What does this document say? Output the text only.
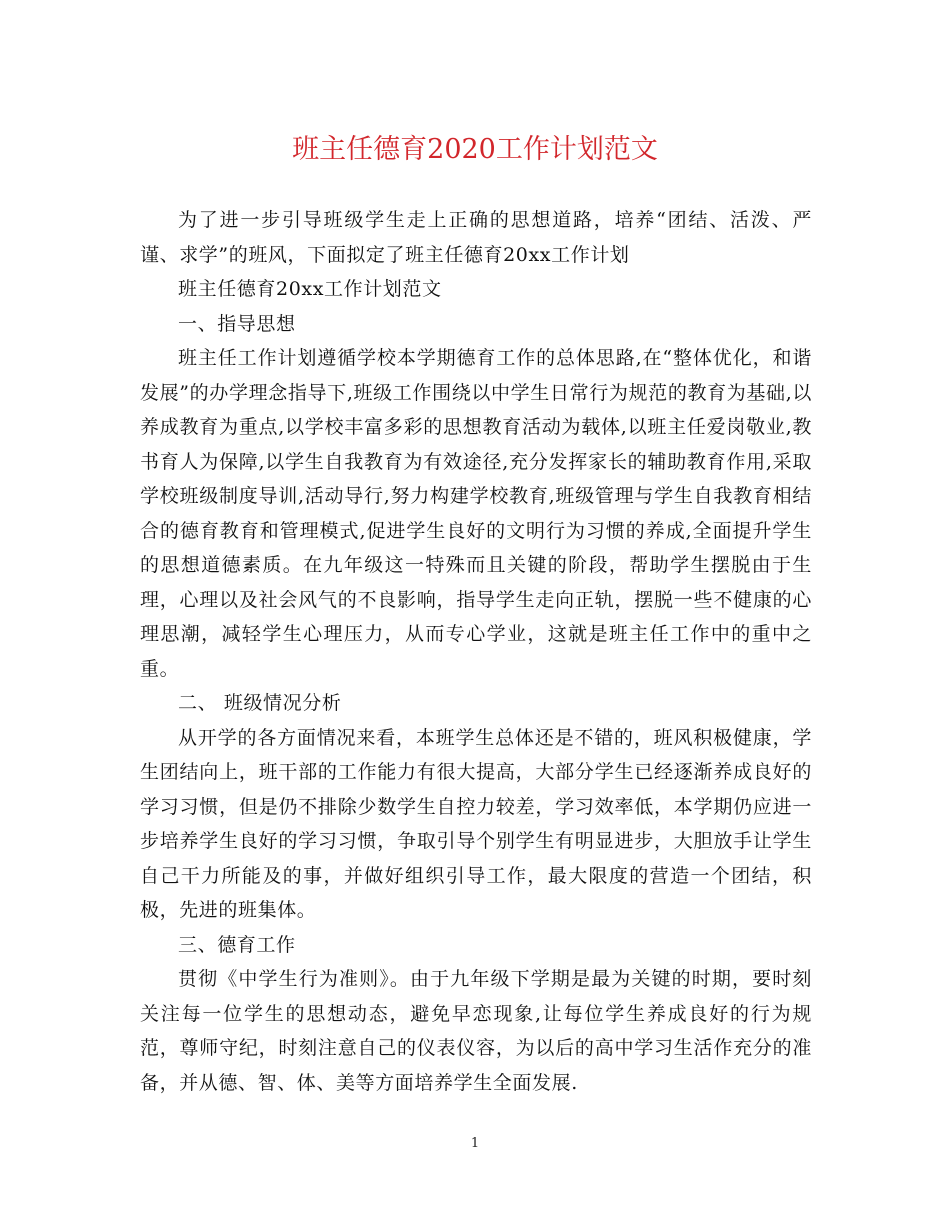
班主任德育2020工作计划范文

为了进一步引导班级学生走上正确的思想道路，培养“团结、活泼、严谨、求学”的班风，下面拟定了班主任德育20xx工作计划

班主任德育20xx工作计划范文

一、指导思想

班主任工作计划遵循学校本学期德育工作的总体思路,在“整体优化，和谐发展”的办学理念指导下,班级工作围绕以中学生日常行为规范的教育为基础,以养成教育为重点,以学校丰富多彩的思想教育活动为载体,以班主任爱岗敬业,教书育人为保障,以学生自我教育为有效途径,充分发挥家长的辅助教育作用,采取学校班级制度导训,活动导行,努力构建学校教育,班级管理与学生自我教育相结合的德育教育和管理模式,促进学生良好的文明行为习惯的养成,全面提升学生的思想道德素质。在九年级这一特殊而且关键的阶段，帮助学生摆脱由于生理，心理以及社会风气的不良影响，指导学生走向正轨，摆脱一些不健康的心理思潮，减轻学生心理压力，从而专心学业，这就是班主任工作中的重中之重。

二、 班级情况分析

从开学的各方面情况来看，本班学生总体还是不错的，班风积极健康，学生团结向上，班干部的工作能力有很大提高，大部分学生已经逐渐养成良好的学习习惯，但是仍不排除少数学生自控力较差，学习效率低，本学期仍应进一步培养学生良好的学习习惯，争取引导个别学生有明显进步，大胆放手让学生自己干力所能及的事，并做好组织引导工作，最大限度的营造一个团结，积极，先进的班集体。

三、德育工作

贯彻《中学生行为准则》。由于九年级下学期是最为关键的时期，要时刻关注每一位学生的思想动态，避免早恋现象,让每位学生养成良好的行为规范，尊师守纪，时刻注意自己的仪表仪容，为以后的高中学习生活作充分的准备，并从德、智、体、美等方面培养学生全面发展.

1
